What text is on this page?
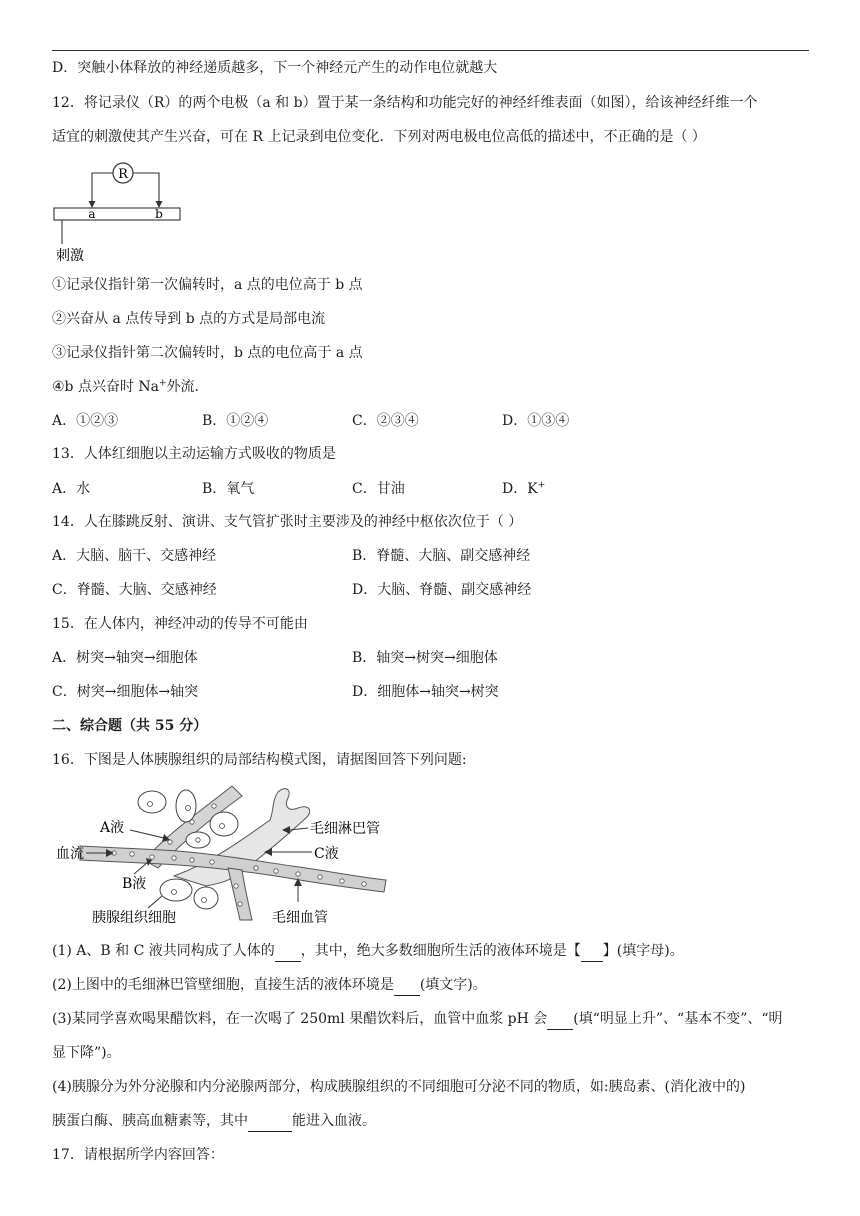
D．突触小体释放的神经递质越多，下一个神经元产生的动作电位就越大
12．将记录仪（R）的两个电极（a 和 b）置于某一条结构和功能完好的神经纤维表面（如图），给该神经纤维一个
适宜的刺激使其产生兴奋，可在 R 上记录到电位变化．下列对两电极电位高低的描述中，不正确的是（ ）
R
a	b
刺激
①记录仪指针第一次偏转时，a 点的电位高于 b 点
②兴奋从 a 点传导到 b 点的方式是局部电流
③记录仪指针第二次偏转时，b 点的电位高于 a 点
④b 点兴奋时 Na+外流．
A．①②③	B．①②④	C．②③④	D．①③④
13．人体红细胞以主动运输方式吸收的物质是
A．水	B．氧气	C．甘油	D．K+
14．人在膝跳反射、演讲、支气管扩张时主要涉及的神经中枢依次位于（ ）
A．大脑、脑干、交感神经	B．脊髓、大脑、副交感神经
C．脊髓、大脑、交感神经	D．大脑、脊髓、副交感神经
15．在人体内，神经冲动的传导不可能由
A．树突→轴突→细胞体	B．轴突→树突→细胞体
C．树突→细胞体→轴突	D．细胞体→轴突→树突
二、综合题（共 55 分）
16．下图是人体胰腺组织的局部结构模式图，请据图回答下列问题:
A液
血流
B液
胰腺组织细胞
毛细淋巴管
C液
毛细血管
(1) A、B 和 C 液共同构成了人体的 ，其中，绝大多数细胞所生活的液体环境是【 】(填字母)。
(2)上图中的毛细淋巴管壁细胞，直接生活的液体环境是 (填文字)。
(3)某同学喜欢喝果醋饮料，在一次喝了 250ml 果醋饮料后，血管中血浆 pH 会 (填“明显上升”、“基本不变”、“明
显下降”)。
(4)胰腺分为外分泌腺和内分泌腺两部分，构成胰腺组织的不同细胞可分泌不同的物质，如:胰岛素、(消化液中的)
胰蛋白酶、胰高血糖素等，其中	能进入血液。
17．请根据所学内容回答：
